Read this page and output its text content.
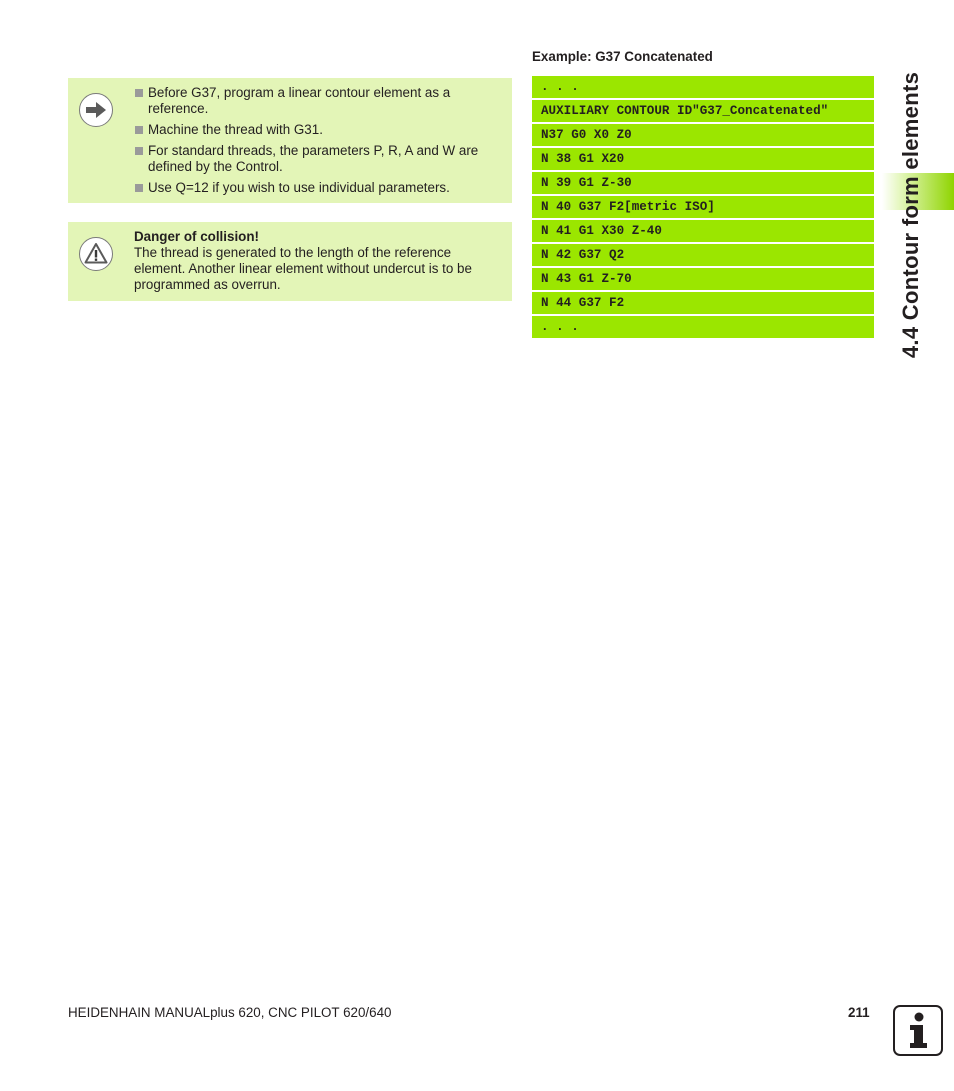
Before G37, program a linear contour element as a reference.
Machine the thread with G31.
For standard threads, the parameters P, R, A and W are defined by the Control.
Use Q=12 if you wish to use individual parameters.
Danger of collision!
The thread is generated to the length of the reference element. Another linear element without undercut is to be programmed as overrun.
Example: G37 Concatenated
. . .
AUXILIARY CONTOUR ID"G37_Concatenated"
N37 G0 X0 Z0
N 38 G1 X20
N 39 G1 Z-30
N 40 G37 F2[metric ISO]
N 41 G1 X30 Z-40
N 42 G37 Q2
N 43 G1 Z-70
N 44 G37 F2
. . .	4.4 Contour form elements
HEIDENHAIN MANUALplus 620, CNC PILOT 620/640	211
